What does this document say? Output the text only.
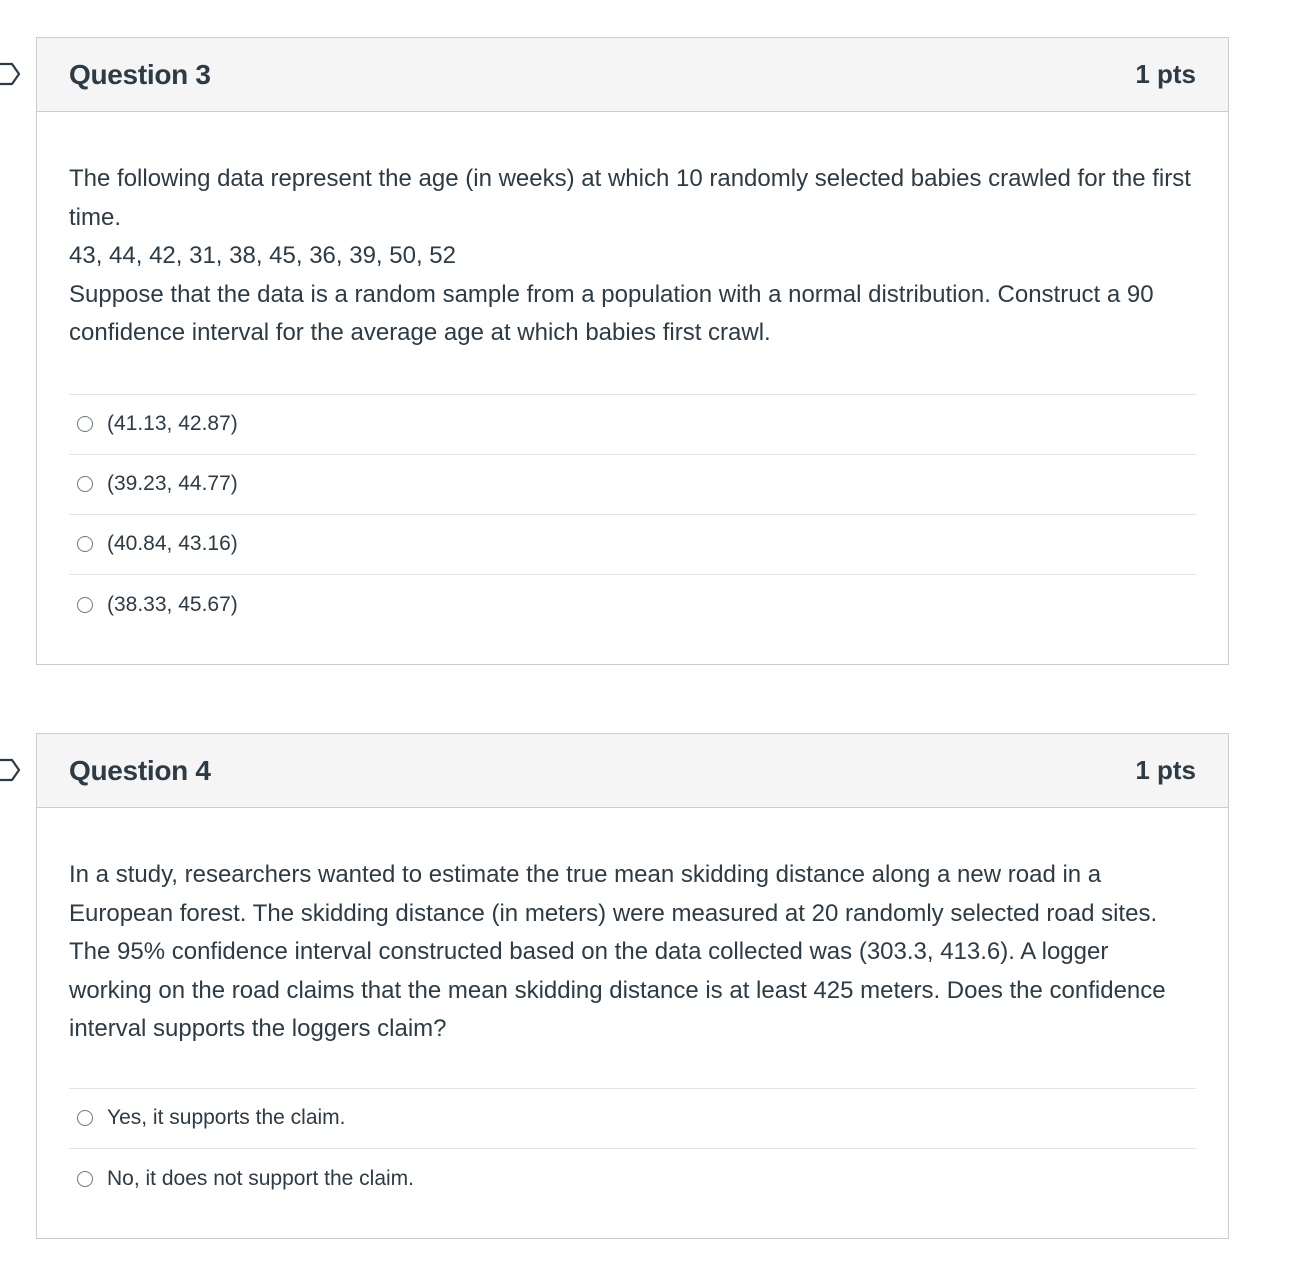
Question 3	1 pts

The following data represent the age (in weeks) at which 10 randomly selected babies crawled for the first time.

43, 44, 42, 31, 38, 45, 36, 39, 50, 52

Suppose that the data is a random sample from a population with a normal distribution. Construct a 90 confidence interval for the average age at which babies first crawl.

(41.13, 42.87)
(39.23, 44.77)
(40.84, 43.16)
(38.33, 45.67)
Question 4	1 pts

In a study, researchers wanted to estimate the true mean skidding distance along a new road in a European forest. The skidding distance (in meters) were measured at 20 randomly selected road sites. The 95% confidence interval constructed based on the data collected was (303.3, 413.6). A logger working on the road claims that the mean skidding distance is at least 425 meters. Does the confidence interval supports the loggers claim?

Yes, it supports the claim.
No, it does not support the claim.
